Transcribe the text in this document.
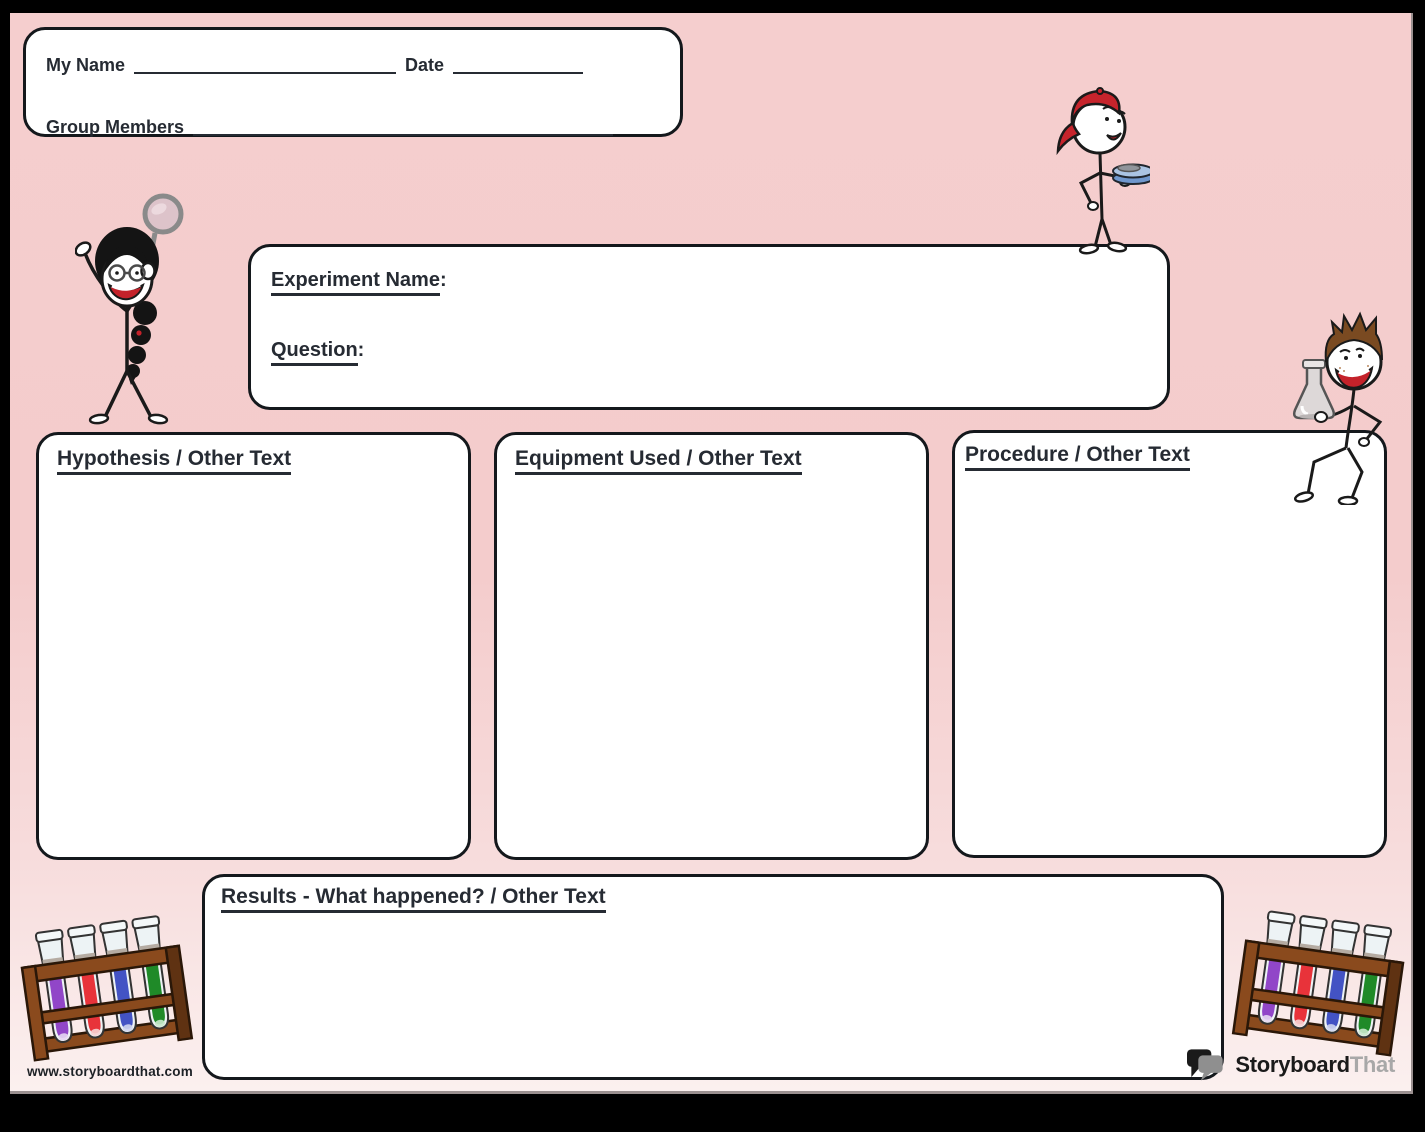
My Name	Date
Group Members
Experiment Name:
Question:
Hypothesis / Other Text	Equipment Used / Other Text	Procedure / Other Text
Results - What happened? / Other Text
www.storyboardthat.com	StoryboardThat
